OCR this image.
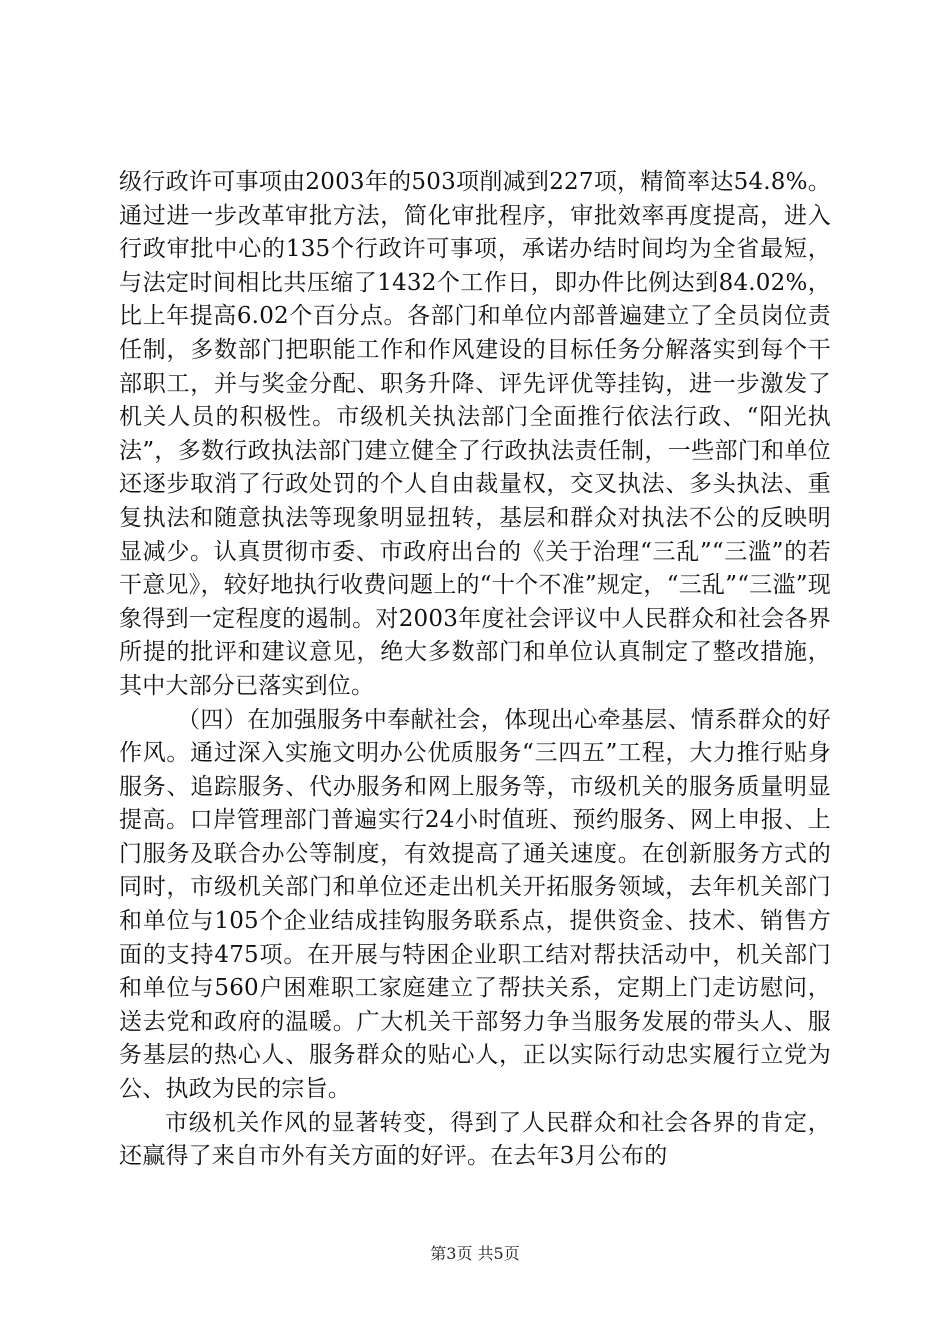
级行政许可事项由2003年的503项削减到227项，精简率达54.8%。通过进一步改革审批方法，简化审批程序，审批效率再度提高，进入行政审批中心的135个行政许可事项，承诺办结时间均为全省最短，与法定时间相比共压缩了1432个工作日，即办件比例达到84.02%，比上年提高6.02个百分点。各部门和单位内部普遍建立了全员岗位责任制，多数部门把职能工作和作风建设的目标任务分解落实到每个干部职工，并与奖金分配、职务升降、评先评优等挂钩，进一步激发了机关人员的积极性。市级机关执法部门全面推行依法行政、“阳光执法”，多数行政执法部门建立健全了行政执法责任制，一些部门和单位还逐步取消了行政处罚的个人自由裁量权，交叉执法、多头执法、重复执法和随意执法等现象明显扭转，基层和群众对执法不公的反映明显减少。认真贯彻市委、市政府出台的《关于治理“三乱”“三滥”的若干意见》，较好地执行收费问题上的“十个不准”规定，“三乱”“三滥”现象得到一定程度的遏制。对2003年度社会评议中人民群众和社会各界所提的批评和建议意见，绝大多数部门和单位认真制定了整改措施，其中大部分已落实到位。

（四）在加强服务中奉献社会，体现出心牵基层、情系群众的好作风。通过深入实施文明办公优质服务“三四五”工程，大力推行贴身服务、追踪服务、代办服务和网上服务等，市级机关的服务质量明显提高。口岸管理部门普遍实行24小时值班、预约服务、网上申报、上门服务及联合办公等制度，有效提高了通关速度。在创新服务方式的同时，市级机关部门和单位还走出机关开拓服务领域，去年机关部门和单位与105个企业结成挂钩服务联系点，提供资金、技术、销售方面的支持475项。在开展与特困企业职工结对帮扶活动中，机关部门和单位与560户困难职工家庭建立了帮扶关系，定期上门走访慰问，送去党和政府的温暖。广大机关干部努力争当服务发展的带头人、服务基层的热心人、服务群众的贴心人，正以实际行动忠实履行立党为公、执政为民的宗旨。

市级机关作风的显著转变，得到了人民群众和社会各界的肯定，还赢得了来自市外有关方面的好评。在去年3月公布的

第3页 共5页
